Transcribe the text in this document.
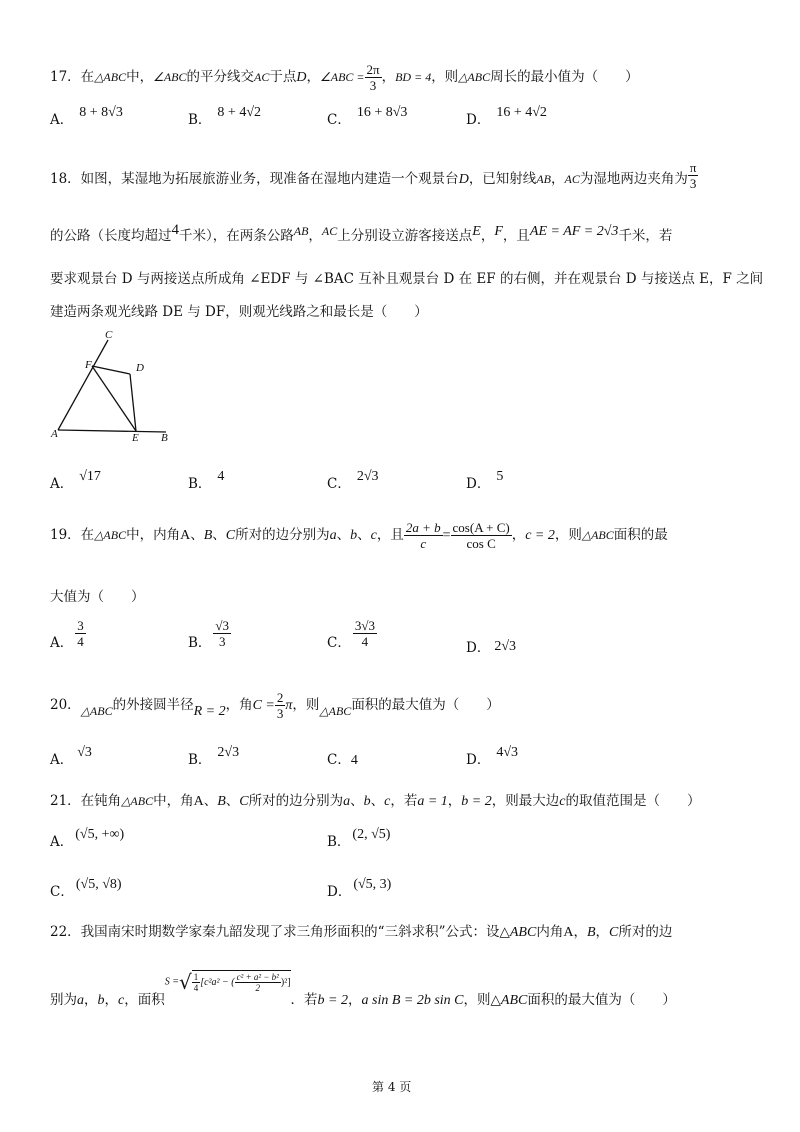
17．在△ABC中，∠ABC的平分线交AC于点D，∠ABC = $\frac{2\pi}{3}$ ，BD = 4，则△ABC周长的最小值为（　　）
A． 8 + 8√3	B． 8 + 4√2	C． 16 + 8√3	D． 16 + 4√2
18．如图，某湿地为拓展旅游业务，现准备在湿地内建造一个观景台D，已知射线AB，AC为湿地两边夹角为 $\frac{\pi}{3}$
的公路（长度均超过4千米），在两条公路AB，AC上分别设立游客接送点E，F，且AE = AF = 2√3千米，若
要求观景台 D 与两接送点所成角 ∠EDF 与 ∠BAC 互补且观景台 D 在 EF 的右侧，并在观景台 D 与接送点 E，F 之间
建造两条观光线路 DE 与 DF，则观光线路之和最长是（　　）
C
F	D
A	E B
A． √17	B． 4	C． 2√3	D． 5
19．在△ABC中，内角A、B、C所对的边分别为a、b、c，且 $\frac{2a + b}{c} = \frac{\cos(A + C)}{\text{cos C}}$ ，c = 2，则△ABC面积的最
大值为（　　）
A． $\frac{3}{4}$	B． $\frac{√3}{3}$	C． $\frac{3√3}{4}$	D． 2√3
20．△ABC的外接圆半径R = 2，角$C = \frac{2}{3}$ π，则△ABC面积的最大值为（　　）
A． √3	B． 2√3	C．4	D． 4√3
21．在钝角△ABC中，角A、B、C所对的边分别为a、b、c，若a = 1，b = 2，则最大边c的取值范围是（　　）
A． (√5, +∞)	B． (2, √5)
C． (√5, √8)	D． (√5, 3)
22．我国南宋时期数学家秦九韶发现了求三角形面积的“三斜求积”公式：设△ABC内角A，B，C所对的边
别为a，b，c，面积S =√ $\frac{1}{4} [c^2a^2$ − ( $\frac{\text{c² + a² − b²}}{2} )^2$]．若b = 2，a sin B = 2b sin C，则△ABC面积的最大值为（　　）
第 4 页
